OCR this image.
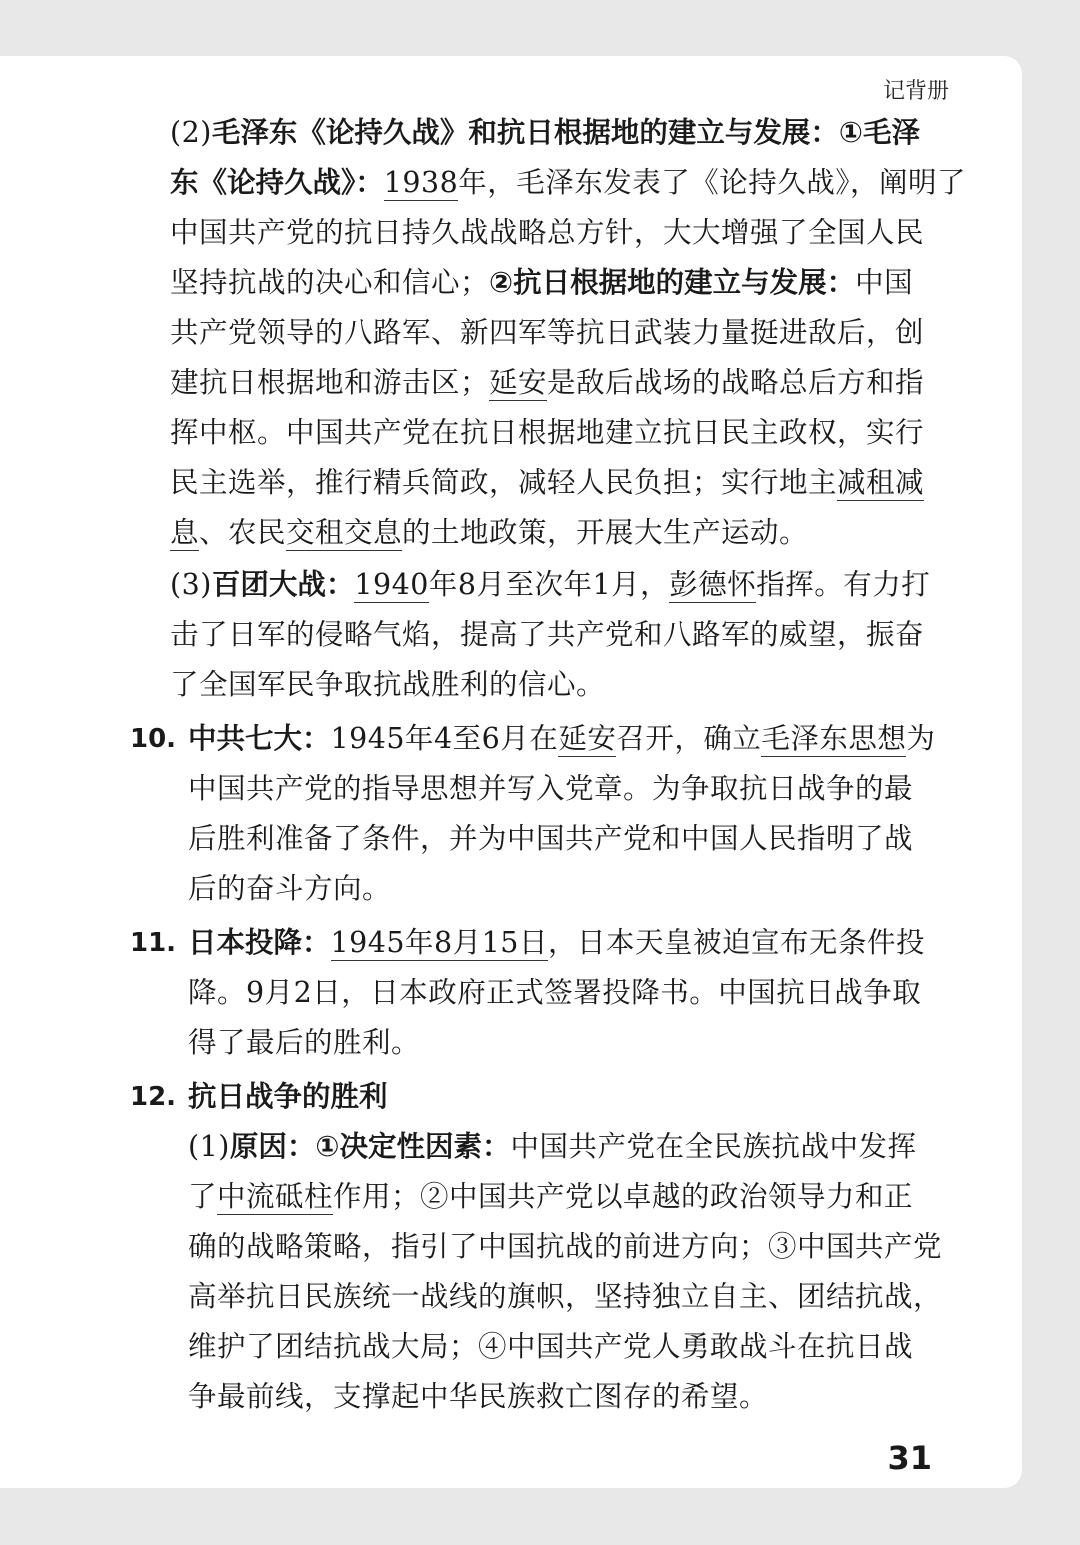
记背册
(2)毛泽东《论持久战》和抗日根据地的建立与发展：①毛泽
东《论持久战》：1938年，毛泽东发表了《论持久战》，阐明了
中国共产党的抗日持久战战略总方针，大大增强了全国人民
坚持抗战的决心和信心；②抗日根据地的建立与发展：中国
共产党领导的八路军、新四军等抗日武装力量挺进敌后，创
建抗日根据地和游击区；延安是敌后战场的战略总后方和指
挥中枢。中国共产党在抗日根据地建立抗日民主政权，实行
民主选举，推行精兵简政，减轻人民负担；实行地主减租减
息、农民交租交息的土地政策，开展大生产运动。
(3)百团大战：1940年8月至次年1月，彭德怀指挥。有力打
击了日军的侵略气焰，提高了共产党和八路军的威望，振奋
了全国军民争取抗战胜利的信心。
10. 中共七大：1945年4至6月在延安召开，确立毛泽东思想为
中国共产党的指导思想并写入党章。为争取抗日战争的最
后胜利准备了条件，并为中国共产党和中国人民指明了战
后的奋斗方向。
11. 日本投降：1945年8月15日，日本天皇被迫宣布无条件投
降。9月2日，日本政府正式签署投降书。中国抗日战争取
得了最后的胜利。
12. 抗日战争的胜利
(1)原因：①决定性因素：中国共产党在全民族抗战中发挥
了中流砥柱作用；②中国共产党以卓越的政治领导力和正
确的战略策略，指引了中国抗战的前进方向；③中国共产党
高举抗日民族统一战线的旗帜，坚持独立自主、团结抗战，
维护了团结抗战大局；④中国共产党人勇敢战斗在抗日战
争最前线，支撑起中华民族救亡图存的希望。
31
